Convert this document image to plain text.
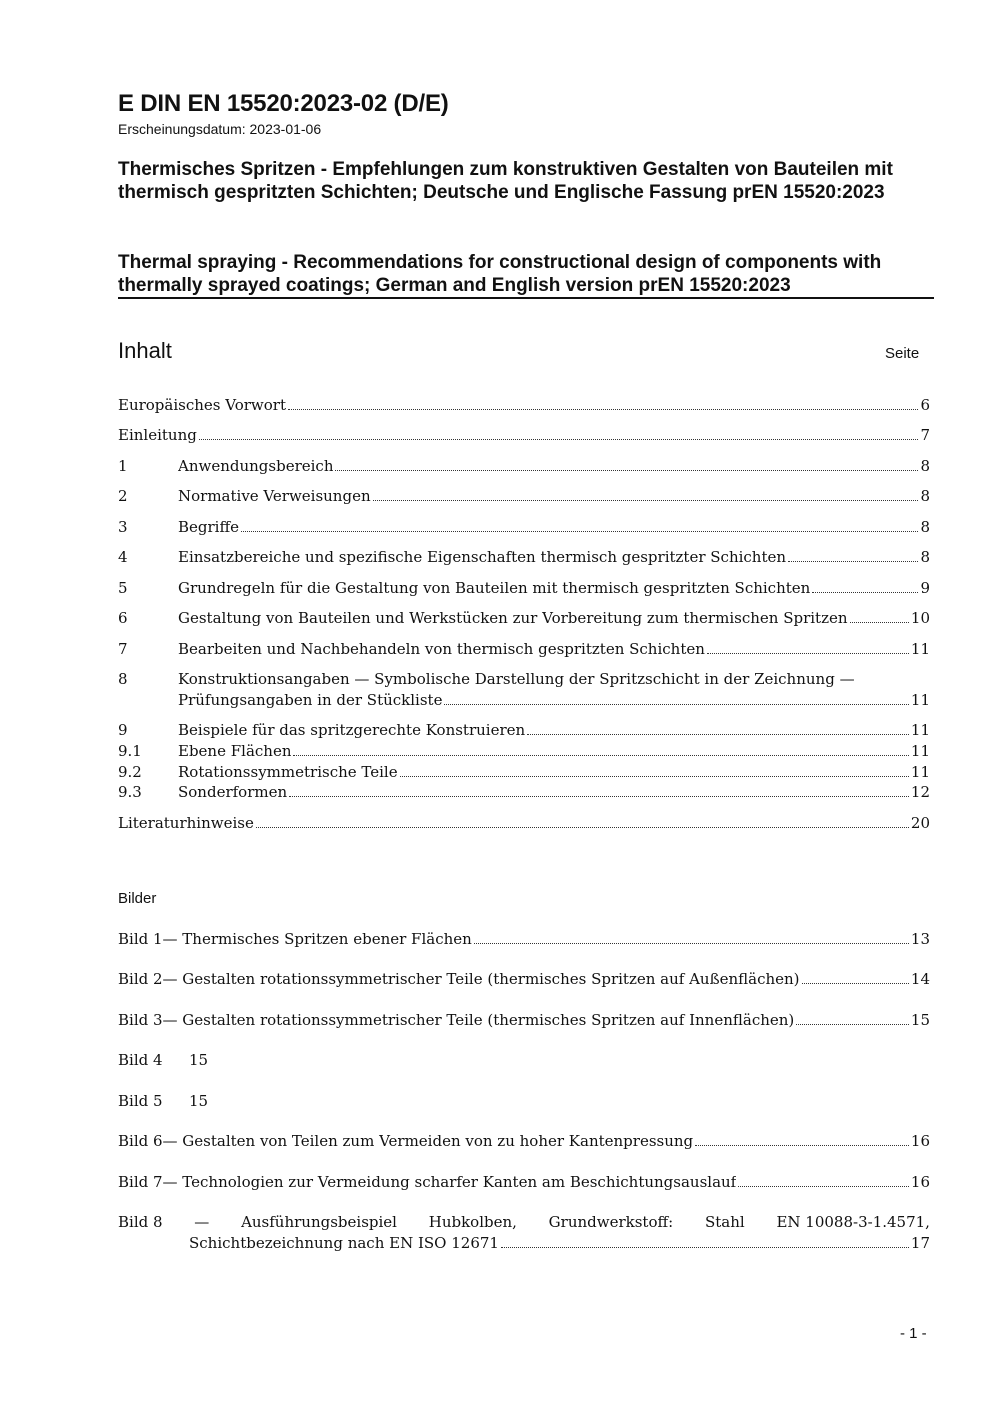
E DIN EN 15520:2023-02 (D/E)
Erscheinungsdatum: 2023-01-06
Thermisches Spritzen - Empfehlungen zum konstruktiven Gestalten von Bauteilen mit thermisch gespritzten Schichten; Deutsche und Englische Fassung prEN 15520:2023
Thermal spraying - Recommendations for constructional design of components with thermally sprayed coatings; German and English version prEN 15520:2023
Inhalt	Seite
Europäisches Vorwort	6
Einleitung	7
1	Anwendungsbereich	8
2	Normative Verweisungen	8
3	Begriffe	8
4	Einsatzbereiche und spezifische Eigenschaften thermisch gespritzter Schichten	8
5	Grundregeln für die Gestaltung von Bauteilen mit thermisch gespritzten Schichten	9
6	Gestaltung von Bauteilen und Werkstücken zur Vorbereitung zum thermischen Spritzen	10
7	Bearbeiten und Nachbehandeln von thermisch gespritzten Schichten	11
8	Konstruktionsangaben — Symbolische Darstellung der Spritzschicht in der Zeichnung —
Prüfungsangaben in der Stückliste	11
9	Beispiele für das spritzgerechte Konstruieren	11
9.1	Ebene Flächen	11
9.2	Rotationssymmetrische Teile	11
9.3	Sonderformen	12
Literaturhinweise	20
Bilder
Bild 1 — Thermisches Spritzen ebener Flächen	13
Bild 2 — Gestalten rotationssymmetrischer Teile (thermisches Spritzen auf Außenflächen)	14
Bild 3 — Gestalten rotationssymmetrischer Teile (thermisches Spritzen auf Innenflächen)	15
Bild 4	15
Bild 5	15
Bild 6 — Gestalten von Teilen zum Vermeiden von zu hoher Kantenpressung	16
Bild 7 — Technologien zur Vermeidung scharfer Kanten am Beschichtungsauslauf	16
Bild 8 — Ausführungsbeispiel Hubkolben, Grundwerkstoff: Stahl EN 10088-3-1.4571,
Schichtbezeichnung nach EN ISO 12671	17
- 1 -
